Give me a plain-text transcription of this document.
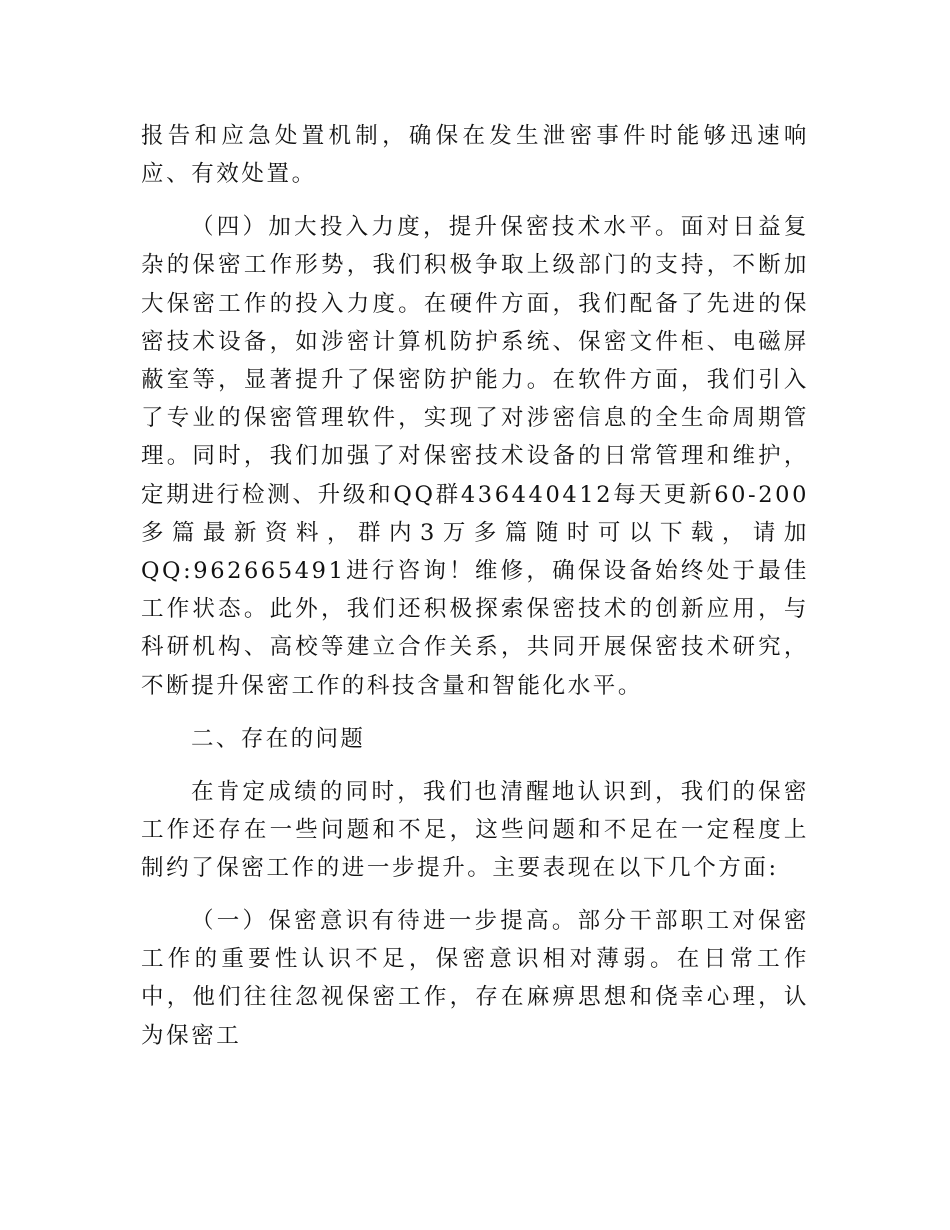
报告和应急处置机制，确保在发生泄密事件时能够迅速响应、有效处置。

（四）加大投入力度，提升保密技术水平。面对日益复杂的保密工作形势，我们积极争取上级部门的支持，不断加大保密工作的投入力度。在硬件方面，我们配备了先进的保密技术设备，如涉密计算机防护系统、保密文件柜、电磁屏蔽室等，显著提升了保密防护能力。在软件方面，我们引入了专业的保密管理软件，实现了对涉密信息的全生命周期管理。同时，我们加强了对保密技术设备的日常管理和维护，定期进行检测、升级和QQ群436440412每天更新60-200多篇最新资料，群内3万多篇随时可以下载，请加QQ:962665491进行咨询！维修，确保设备始终处于最佳工作状态。此外，我们还积极探索保密技术的创新应用，与科研机构、高校等建立合作关系，共同开展保密技术研究，不断提升保密工作的科技含量和智能化水平。

二、存在的问题

在肯定成绩的同时，我们也清醒地认识到，我们的保密工作还存在一些问题和不足，这些问题和不足在一定程度上制约了保密工作的进一步提升。主要表现在以下几个方面:

（一）保密意识有待进一步提高。部分干部职工对保密工作的重要性认识不足，保密意识相对薄弱。在日常工作中，他们往往忽视保密工作，存在麻痹思想和侥幸心理，认为保密工
